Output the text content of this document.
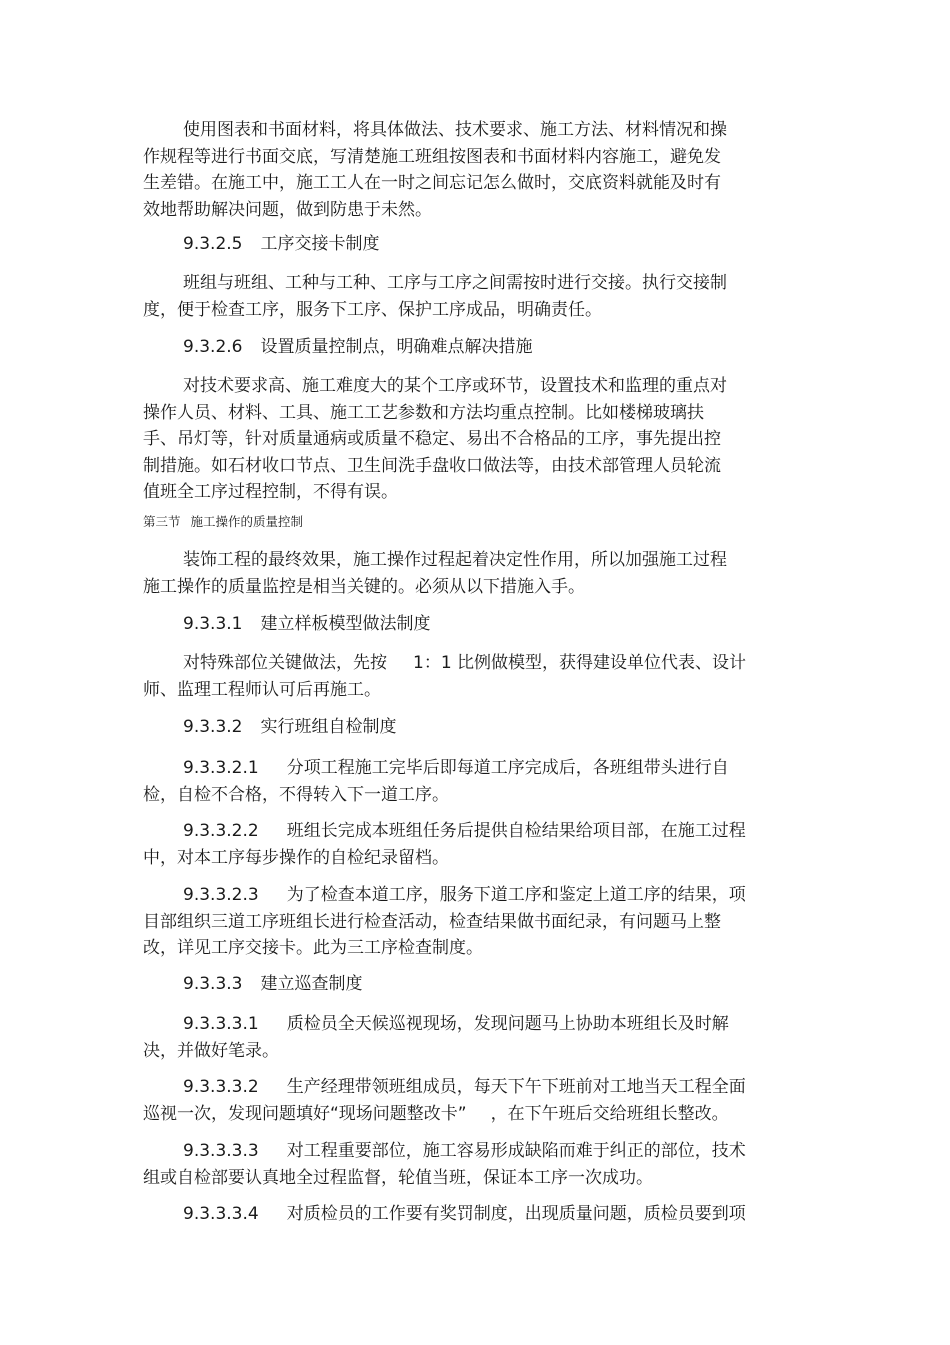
使用图表和书面材料，将具体做法、技术要求、施工方法、材料情况和操
作规程等进行书面交底，写清楚施工班组按图表和书面材料内容施工，避免发
生差错。在施工中，施工工人在一时之间忘记怎么做时，交底资料就能及时有
效地帮助解决问题，做到防患于未然。
9.3.2.5 工序交接卡制度
班组与班组、工种与工种、工序与工序之间需按时进行交接。执行交接制
度，便于检查工序，服务下工序、保护工序成品，明确责任。
9.3.2.6 设置质量控制点，明确难点解决措施
对技术要求高、施工难度大的某个工序或环节，设置技术和监理的重点对
操作人员、材料、工具、施工工艺参数和方法均重点控制。比如楼梯玻璃扶
手、吊灯等，针对质量通病或质量不稳定、易出不合格品的工序，事先提出控
制措施。如石材收口节点、卫生间洗手盘收口做法等，由技术部管理人员轮流
值班全工序过程控制，不得有误。
第三节 施工操作的质量控制
装饰工程的最终效果，施工操作过程起着决定性作用，所以加强施工过程
施工操作的质量监控是相当关键的。必须从以下措施入手。
9.3.3.1 建立样板模型做法制度
对特殊部位关键做法，先按 1：1 比例做模型，获得建设单位代表、设计
师、监理工程师认可后再施工。
9.3.3.2 实行班组自检制度
9.3.3.2.1 分项工程施工完毕后即每道工序完成后，各班组带头进行自
检，自检不合格，不得转入下一道工序。
9.3.3.2.2 班组长完成本班组任务后提供自检结果给项目部，在施工过程
中，对本工序每步操作的自检纪录留档。
9.3.3.2.3 为了检查本道工序，服务下道工序和鉴定上道工序的结果，项
目部组织三道工序班组长进行检查活动，检查结果做书面纪录，有问题马上整
改，详见工序交接卡。此为三工序检查制度。
9.3.3.3 建立巡查制度
9.3.3.3.1 质检员全天候巡视现场，发现问题马上协助本班组长及时解
决，并做好笔录。
9.3.3.3.2 生产经理带领班组成员，每天下午下班前对工地当天工程全面
巡视一次，发现问题填好“现场问题整改卡” ，在下午班后交给班组长整改。
9.3.3.3.3 对工程重要部位，施工容易形成缺陷而难于纠正的部位，技术
组或自检部要认真地全过程监督，轮值当班，保证本工序一次成功。
9.3.3.3.4 对质检员的工作要有奖罚制度，出现质量问题，质检员要到项
